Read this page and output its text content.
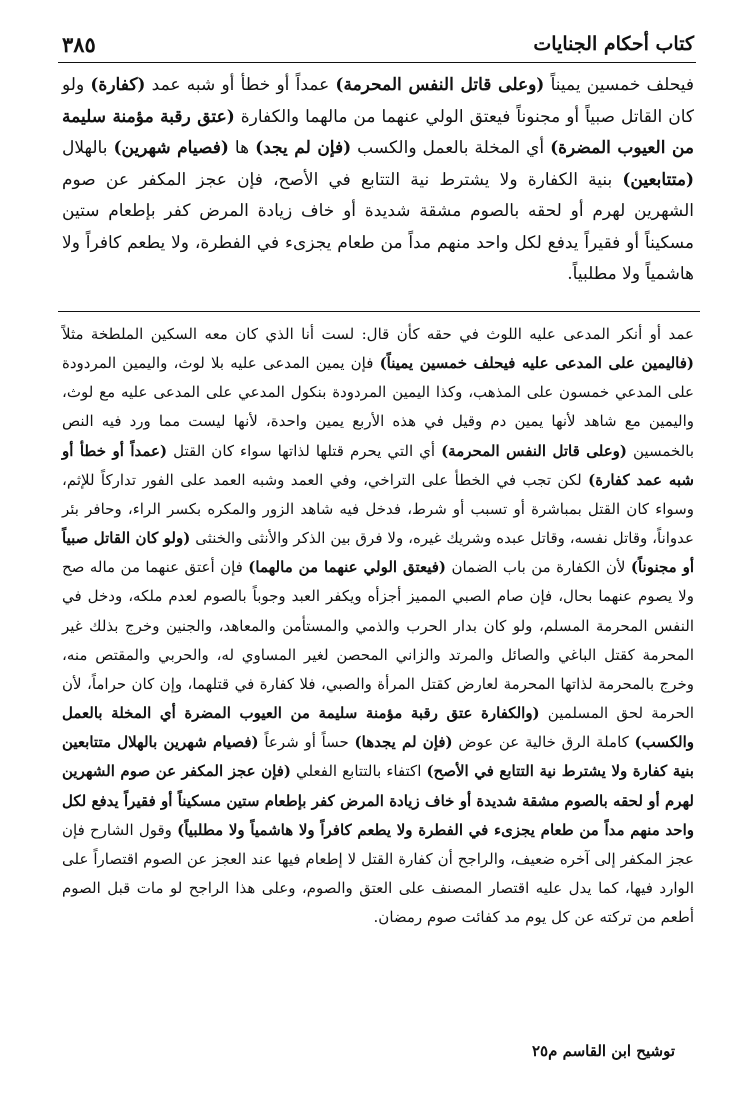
٣٨٥	كتاب أحكام الجنايات
فيحلف خمسين يميناً (وعلى قاتل النفس المحرمة) عمداً أو خطأ أو شبه عمد (كفارة) ولو كان القاتل صبياً أو مجنوناً فيعتق الولي عنهما من مالهما والكفارة (عتق رقبة مؤمنة سليمة من العيوب المضرة) أي المخلة بالعمل والكسب (فإن لم يجد) ها (فصيام شهرين) بالهلال (متتابعين) بنية الكفارة ولا يشترط نية التتابع في الأصح، فإن عجز المكفر عن صوم الشهرين لهرم أو لحقه بالصوم مشقة شديدة أو خاف زيادة المرض كفر بإطعام ستين مسكيناً أو فقيراً يدفع لكل واحد منهم مداً من طعام يجزىء في الفطرة، ولا يطعم كافراً ولا هاشمياً ولا مطلبياً.
عمد أو أنكر المدعى عليه اللوث في حقه كأن قال: لست أنا الذي كان معه السكين الملطخة مثلاً (فاليمين على المدعى عليه فيحلف خمسين يميناً) فإن يمين المدعى عليه بلا لوث، واليمين المردودة على المدعي خمسون على المذهب، وكذا اليمين المردودة بنكول المدعي على المدعى عليه مع لوث، واليمين مع شاهد لأنها يمين دم وقيل في هذه الأربع يمين واحدة، لأنها ليست مما ورد فيه النص بالخمسين (وعلى قاتل النفس المحرمة) أي التي يحرم قتلها لذاتها سواء كان القتل (عمداً أو خطأ أو شبه عمد كفارة) لكن تجب في الخطأ على التراخي، وفي العمد وشبه العمد على الفور تداركاً للإثم، وسواء كان القتل بمباشرة أو تسبب أو شرط، فدخل فيه شاهد الزور والمكره بكسر الراء، وحافر بئر عدواناً، وقاتل نفسه، وقاتل عبده وشريك غيره، ولا فرق بين الذكر والأنثى والخنثى (ولو كان القاتل صبياً أو مجنوناً) لأن الكفارة من باب الضمان (فيعتق الولي عنهما من مالهما) فإن أعتق عنهما من ماله صح ولا يصوم عنهما بحال، فإن صام الصبي المميز أجزأه ويكفر العبد وجوباً بالصوم لعدم ملكه، ودخل في النفس المحرمة المسلم، ولو كان بدار الحرب والذمي والمستأمن والمعاهد، والجنين وخرج بذلك غير المحرمة كقتل الباغي والصائل والمرتد والزاني المحصن لغير المساوي له، والحربي والمقتص منه، وخرج بالمحرمة لذاتها المحرمة لعارض كقتل المرأة والصبي، فلا كفارة في قتلهما، وإن كان حراماً، لأن الحرمة لحق المسلمين (والكفارة عتق رقبة مؤمنة سليمة من العيوب المضرة أي المخلة بالعمل والكسب) كاملة الرق خالية عن عوض (فإن لم يجدها) حساً أو شرعاً (فصيام شهرين بالهلال متتابعين بنية كفارة ولا يشترط نية التتابع في الأصح) اكتفاء بالتتابع الفعلي (فإن عجز المكفر عن صوم الشهرين لهرم أو لحقه بالصوم مشقة شديدة أو خاف زيادة المرض كفر بإطعام ستين مسكيناً أو فقيراً يدفع لكل واحد منهم مداً من طعام يجزىء في الفطرة ولا يطعم كافراً ولا هاشمياً ولا مطلبياً) وقول الشارح فإن عجز المكفر إلى آخره ضعيف، والراجح أن كفارة القتل لا إطعام فيها عند العجز عن الصوم اقتصاراً على الوارد فيها، كما يدل عليه اقتصار المصنف على العتق والصوم، وعلى هذا الراجح لو مات قبل الصوم أطعم من تركته عن كل يوم مد كفائت صوم رمضان.
توشيح ابن القاسم م٢٥
